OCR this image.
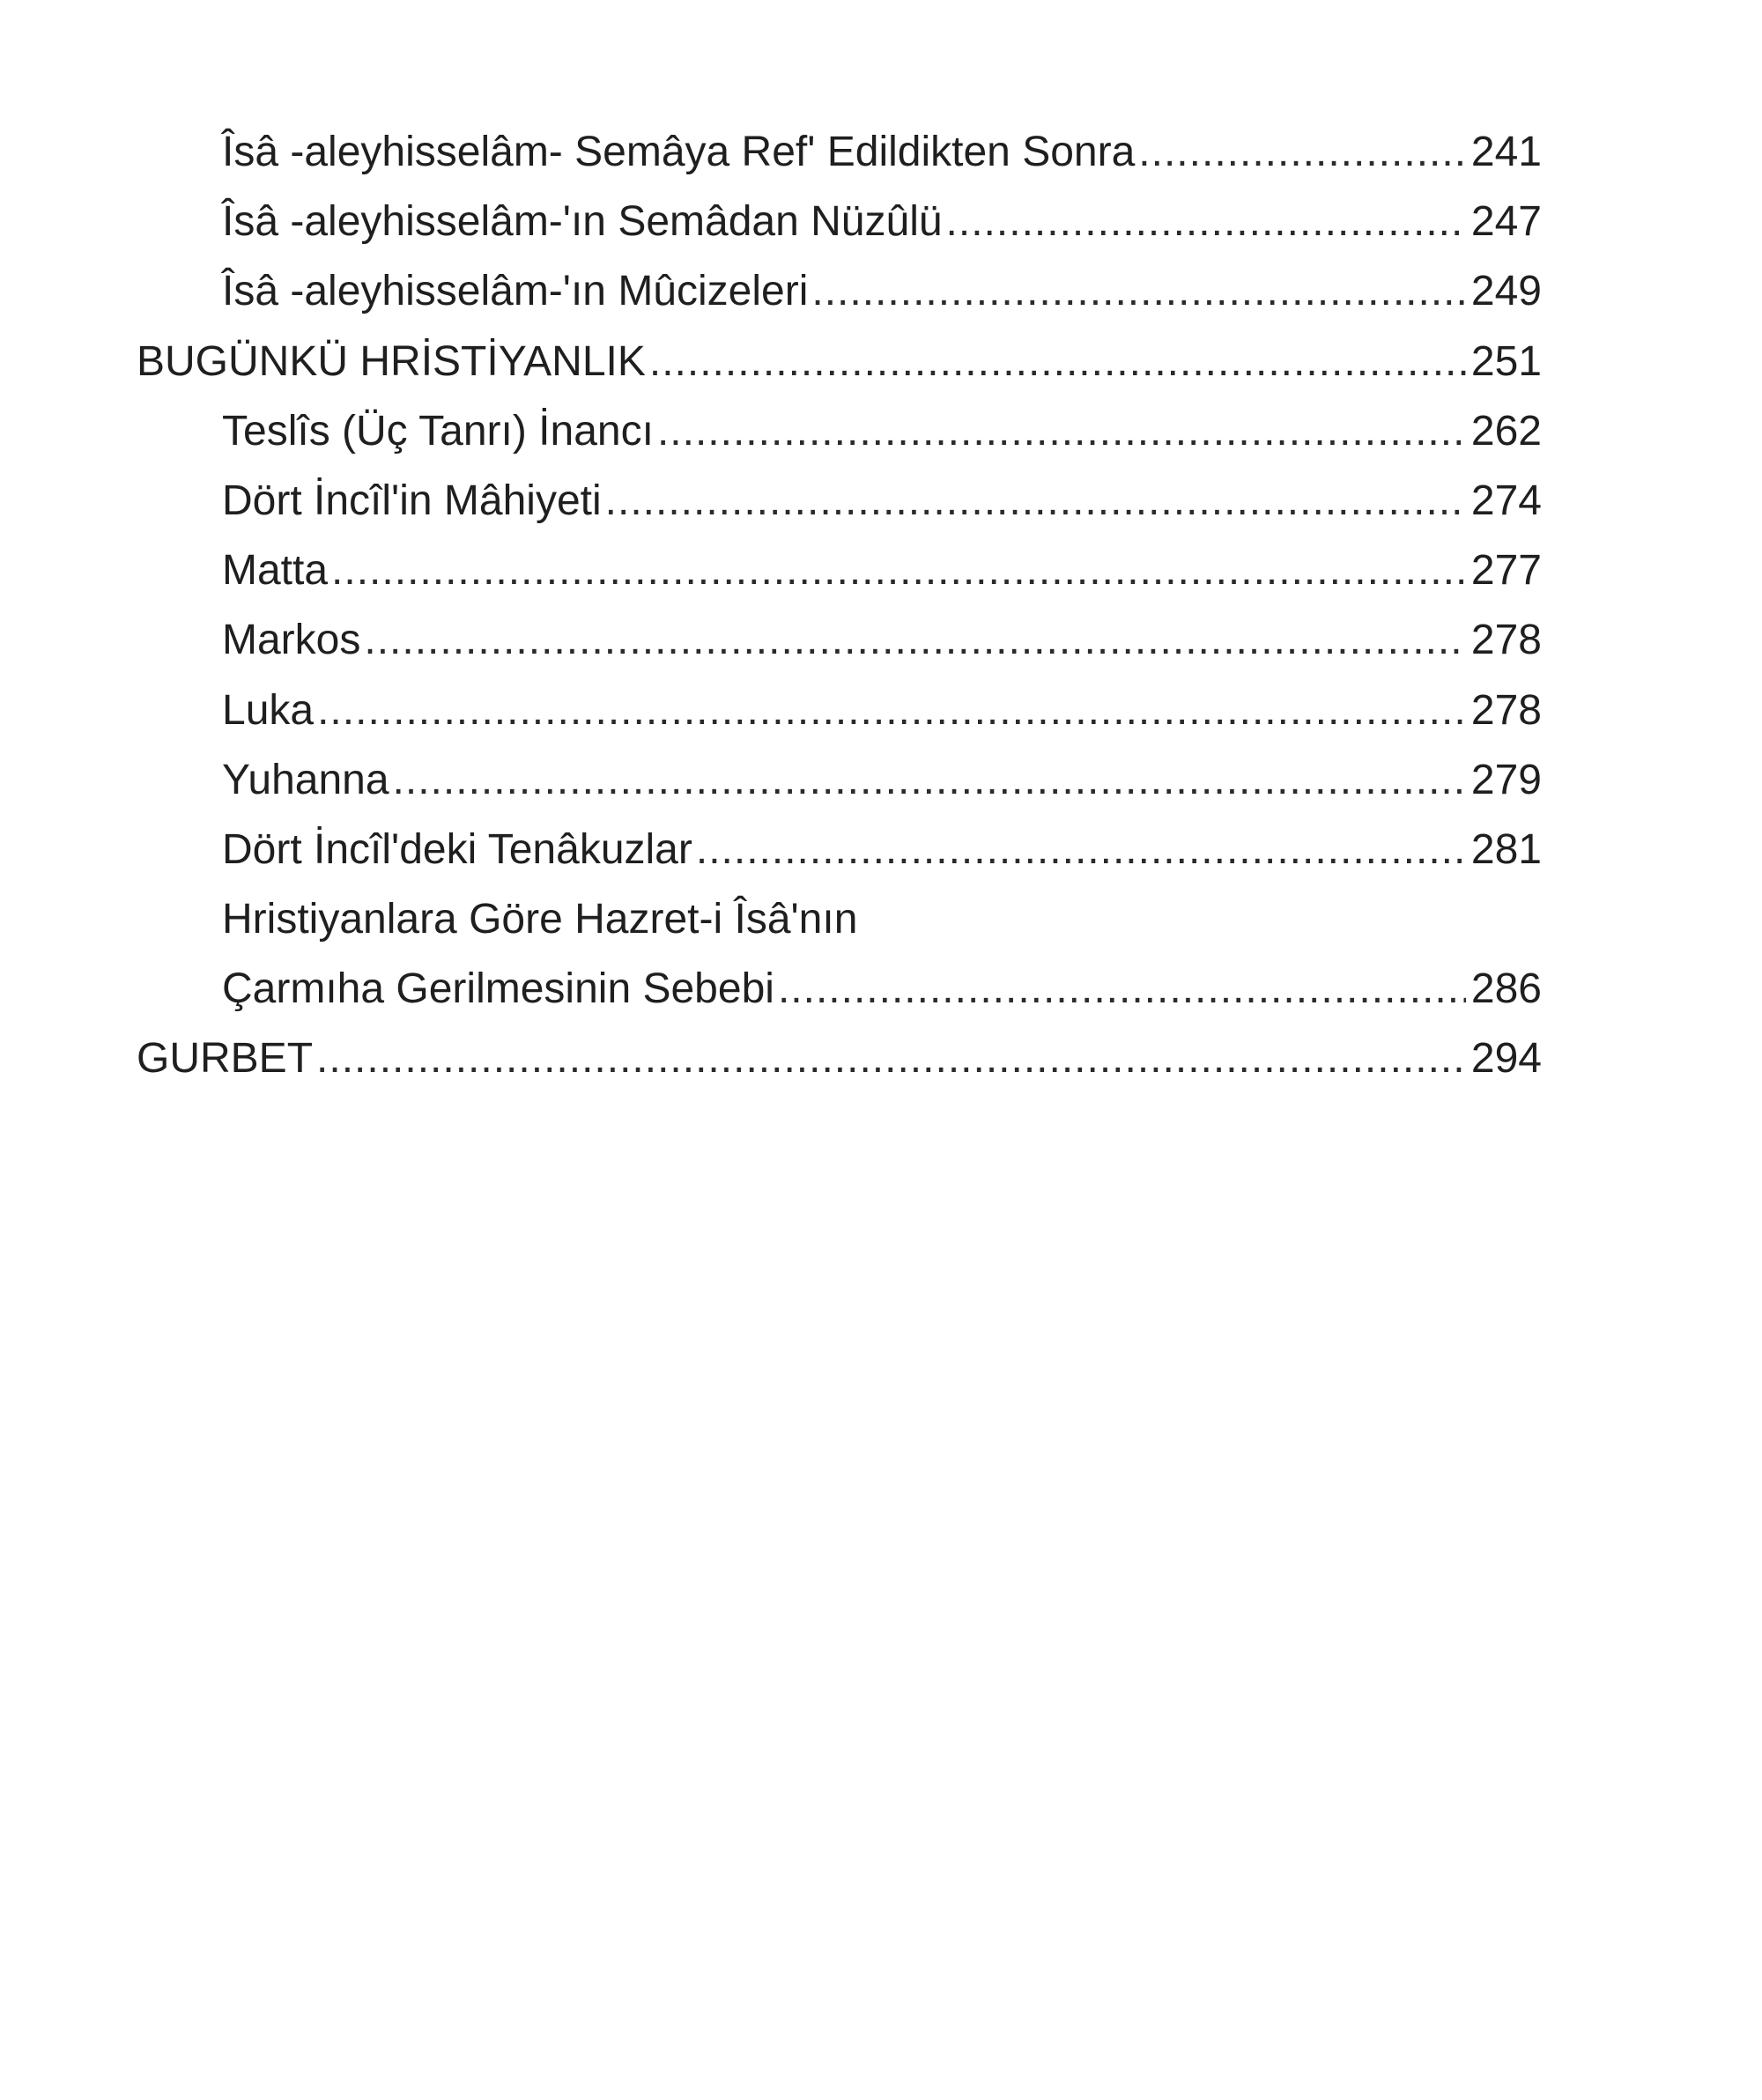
Îsâ -aleyhisselâm- Semâya Ref' Edildikten Sonra .....	241
Îsâ -aleyhisselâm-'ın Semâdan Nüzûlü .....	247
Îsâ -aleyhisselâm-'ın Mûcizeleri .....	249
BUGÜNKÜ HRİSTİYANLIK .....	251
Teslîs (Üç Tanrı) İnancı .....	262
Dört İncîl'in Mâhiyeti .....	274
Matta .....	277
Markos .....	278
Luka .....	278
Yuhanna .....	279
Dört İncîl'deki Tenâkuzlar .....	281
Hristiyanlara Göre Hazret-i Îsâ'nın
Çarmıha Gerilmesinin Sebebi .....	286
GURBET .....	294
